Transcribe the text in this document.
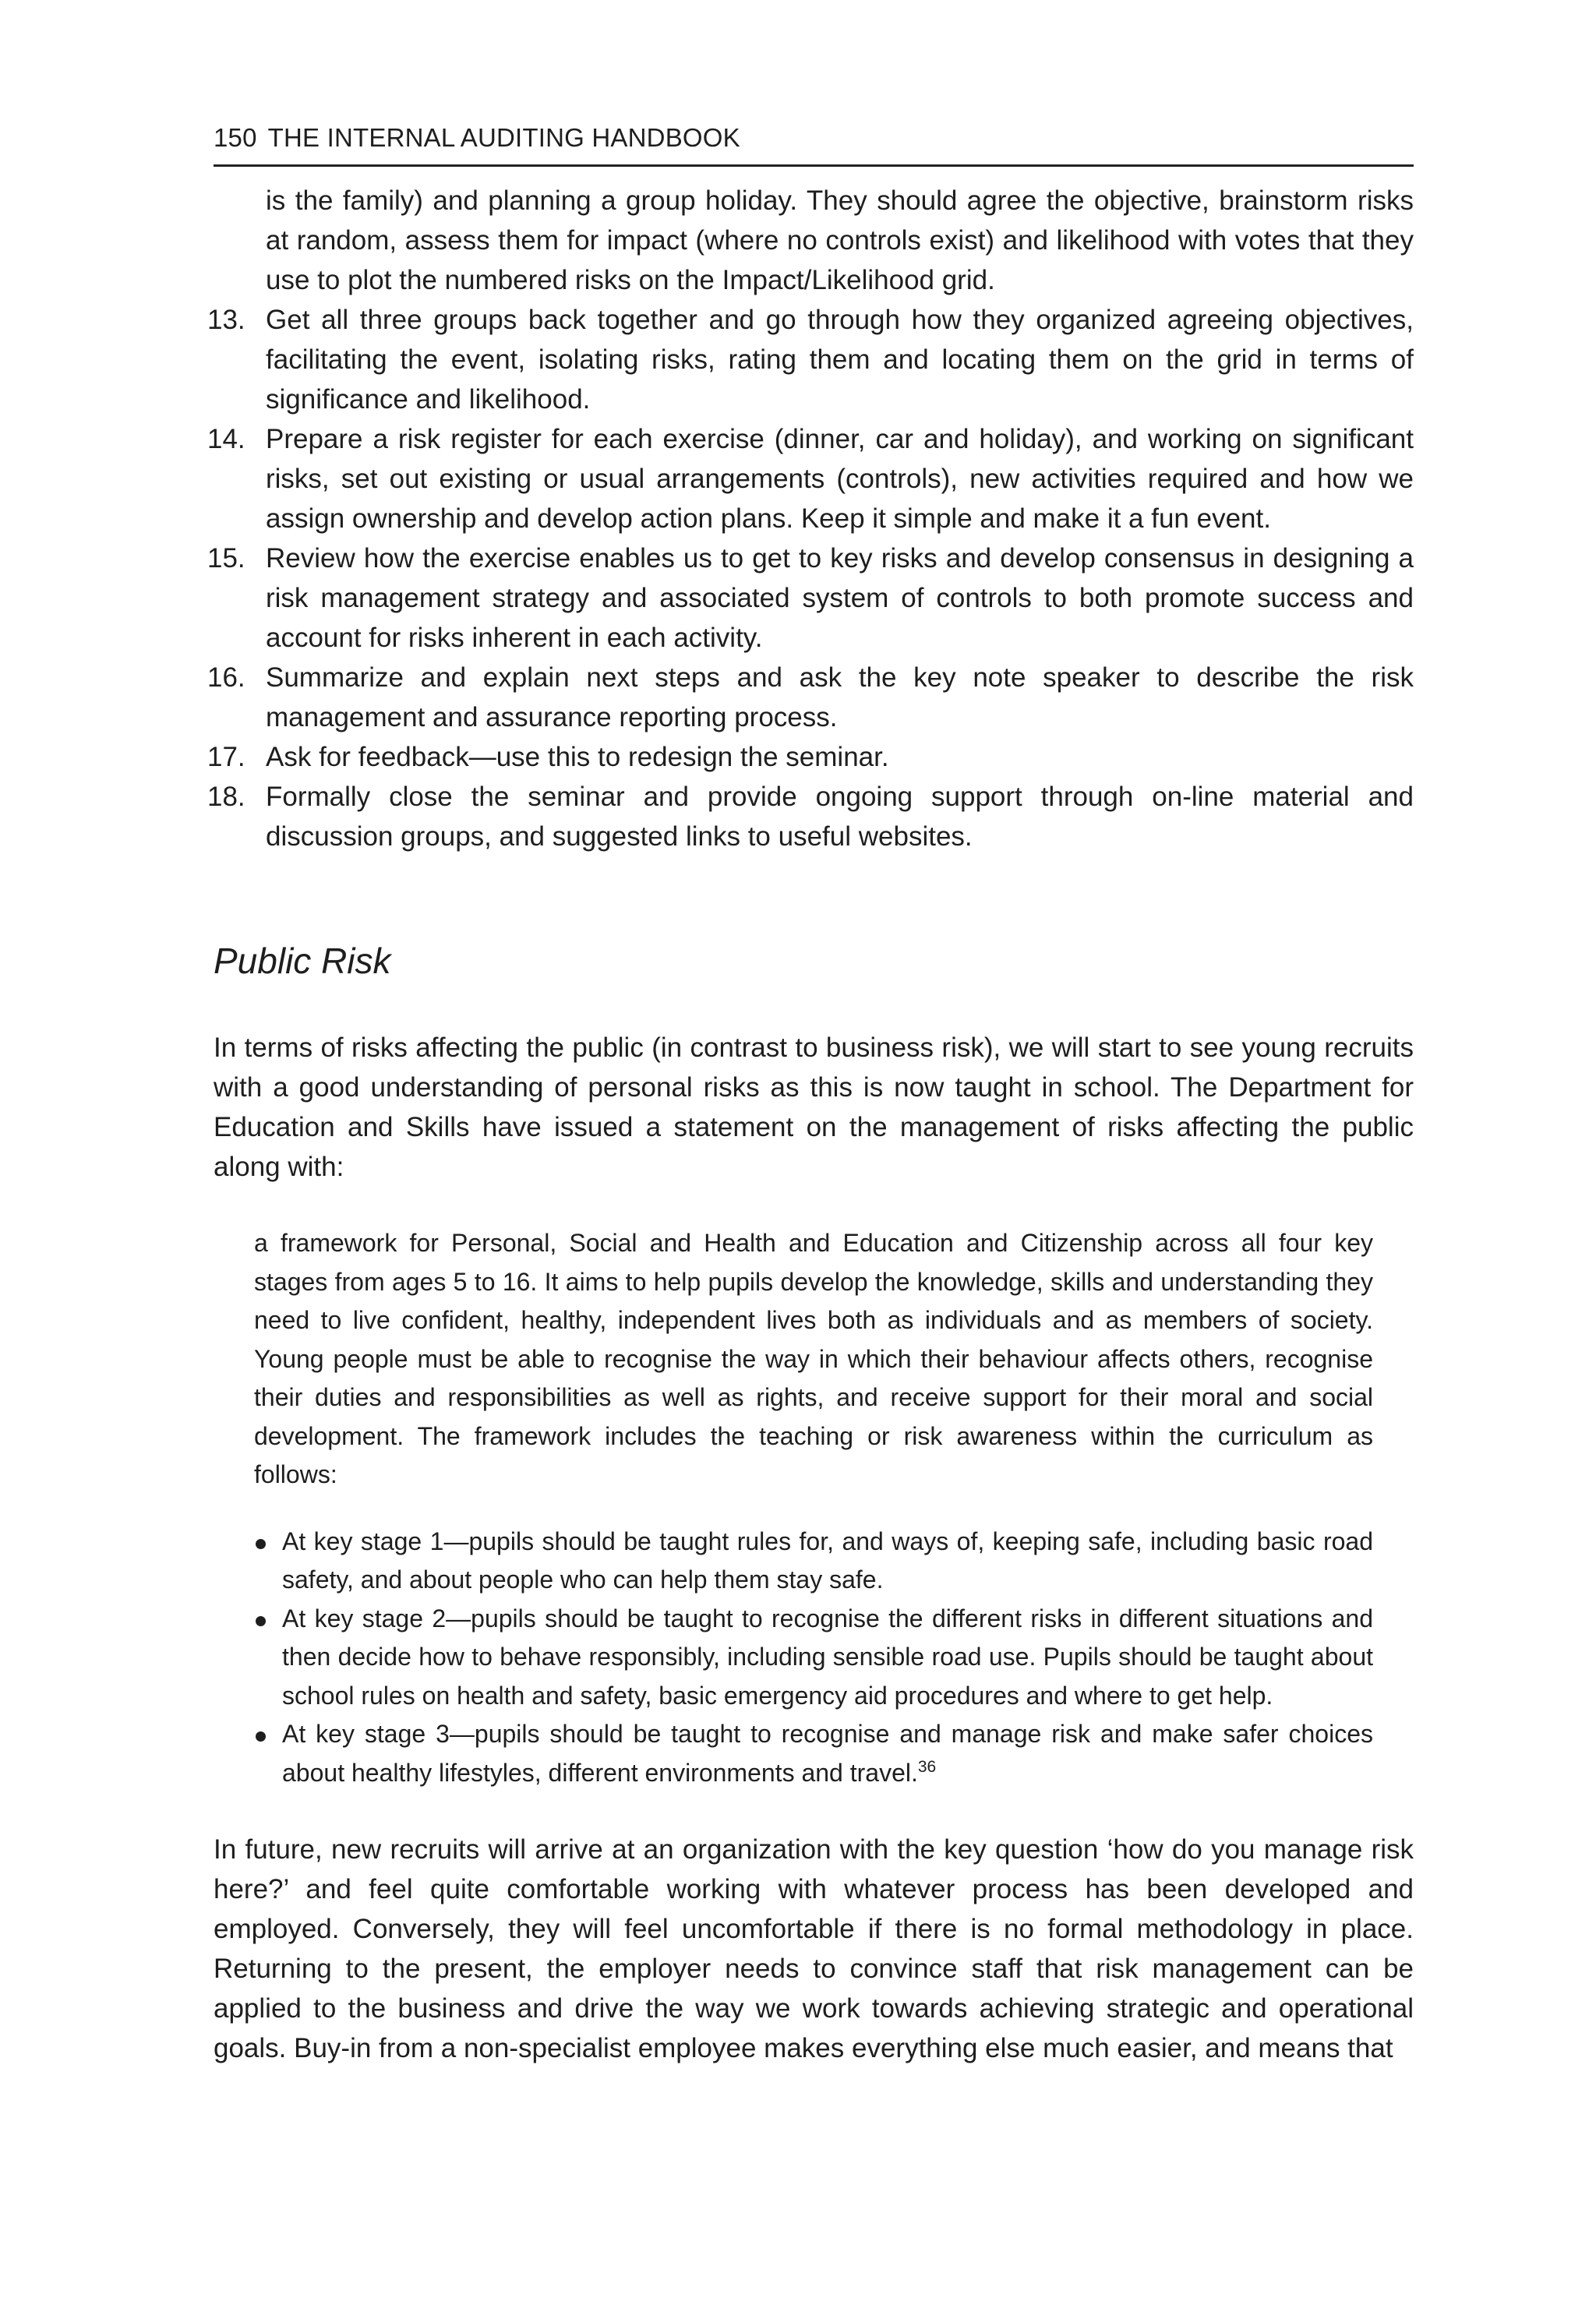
150 THE INTERNAL AUDITING HANDBOOK
is the family) and planning a group holiday. They should agree the objective, brainstorm risks at random, assess them for impact (where no controls exist) and likelihood with votes that they use to plot the numbered risks on the Impact/Likelihood grid.
13. Get all three groups back together and go through how they organized agreeing objectives, facilitating the event, isolating risks, rating them and locating them on the grid in terms of significance and likelihood.
14. Prepare a risk register for each exercise (dinner, car and holiday), and working on significant risks, set out existing or usual arrangements (controls), new activities required and how we assign ownership and develop action plans. Keep it simple and make it a fun event.
15. Review how the exercise enables us to get to key risks and develop consensus in designing a risk management strategy and associated system of controls to both promote success and account for risks inherent in each activity.
16. Summarize and explain next steps and ask the key note speaker to describe the risk management and assurance reporting process.
17. Ask for feedback—use this to redesign the seminar.
18. Formally close the seminar and provide ongoing support through on-line material and discussion groups, and suggested links to useful websites.
Public Risk

In terms of risks affecting the public (in contrast to business risk), we will start to see young recruits with a good understanding of personal risks as this is now taught in school. The Department for Education and Skills have issued a statement on the management of risks affecting the public along with:

a framework for Personal, Social and Health and Education and Citizenship across all four key stages from ages 5 to 16. It aims to help pupils develop the knowledge, skills and understanding they need to live confident, healthy, independent lives both as individuals and as members of society. Young people must be able to recognise the way in which their behaviour affects others, recognise their duties and responsibilities as well as rights, and receive support for their moral and social development. The framework includes the teaching or risk awareness within the curriculum as follows:

At key stage 1—pupils should be taught rules for, and ways of, keeping safe, including basic road safety, and about people who can help them stay safe.
At key stage 2—pupils should be taught to recognise the different risks in different situations and then decide how to behave responsibly, including sensible road use. Pupils should be taught about school rules on health and safety, basic emergency aid procedures and where to get help.
At key stage 3—pupils should be taught to recognise and manage risk and make safer choices about healthy lifestyles, different environments and travel.$^{36}$

In future, new recruits will arrive at an organization with the key question ‘how do you manage risk here?’ and feel quite comfortable working with whatever process has been developed and employed. Conversely, they will feel uncomfortable if there is no formal methodology in place. Returning to the present, the employer needs to convince staff that risk management can be applied to the business and drive the way we work towards achieving strategic and operational goals. Buy-in from a non-specialist employee makes everything else much easier, and means that
